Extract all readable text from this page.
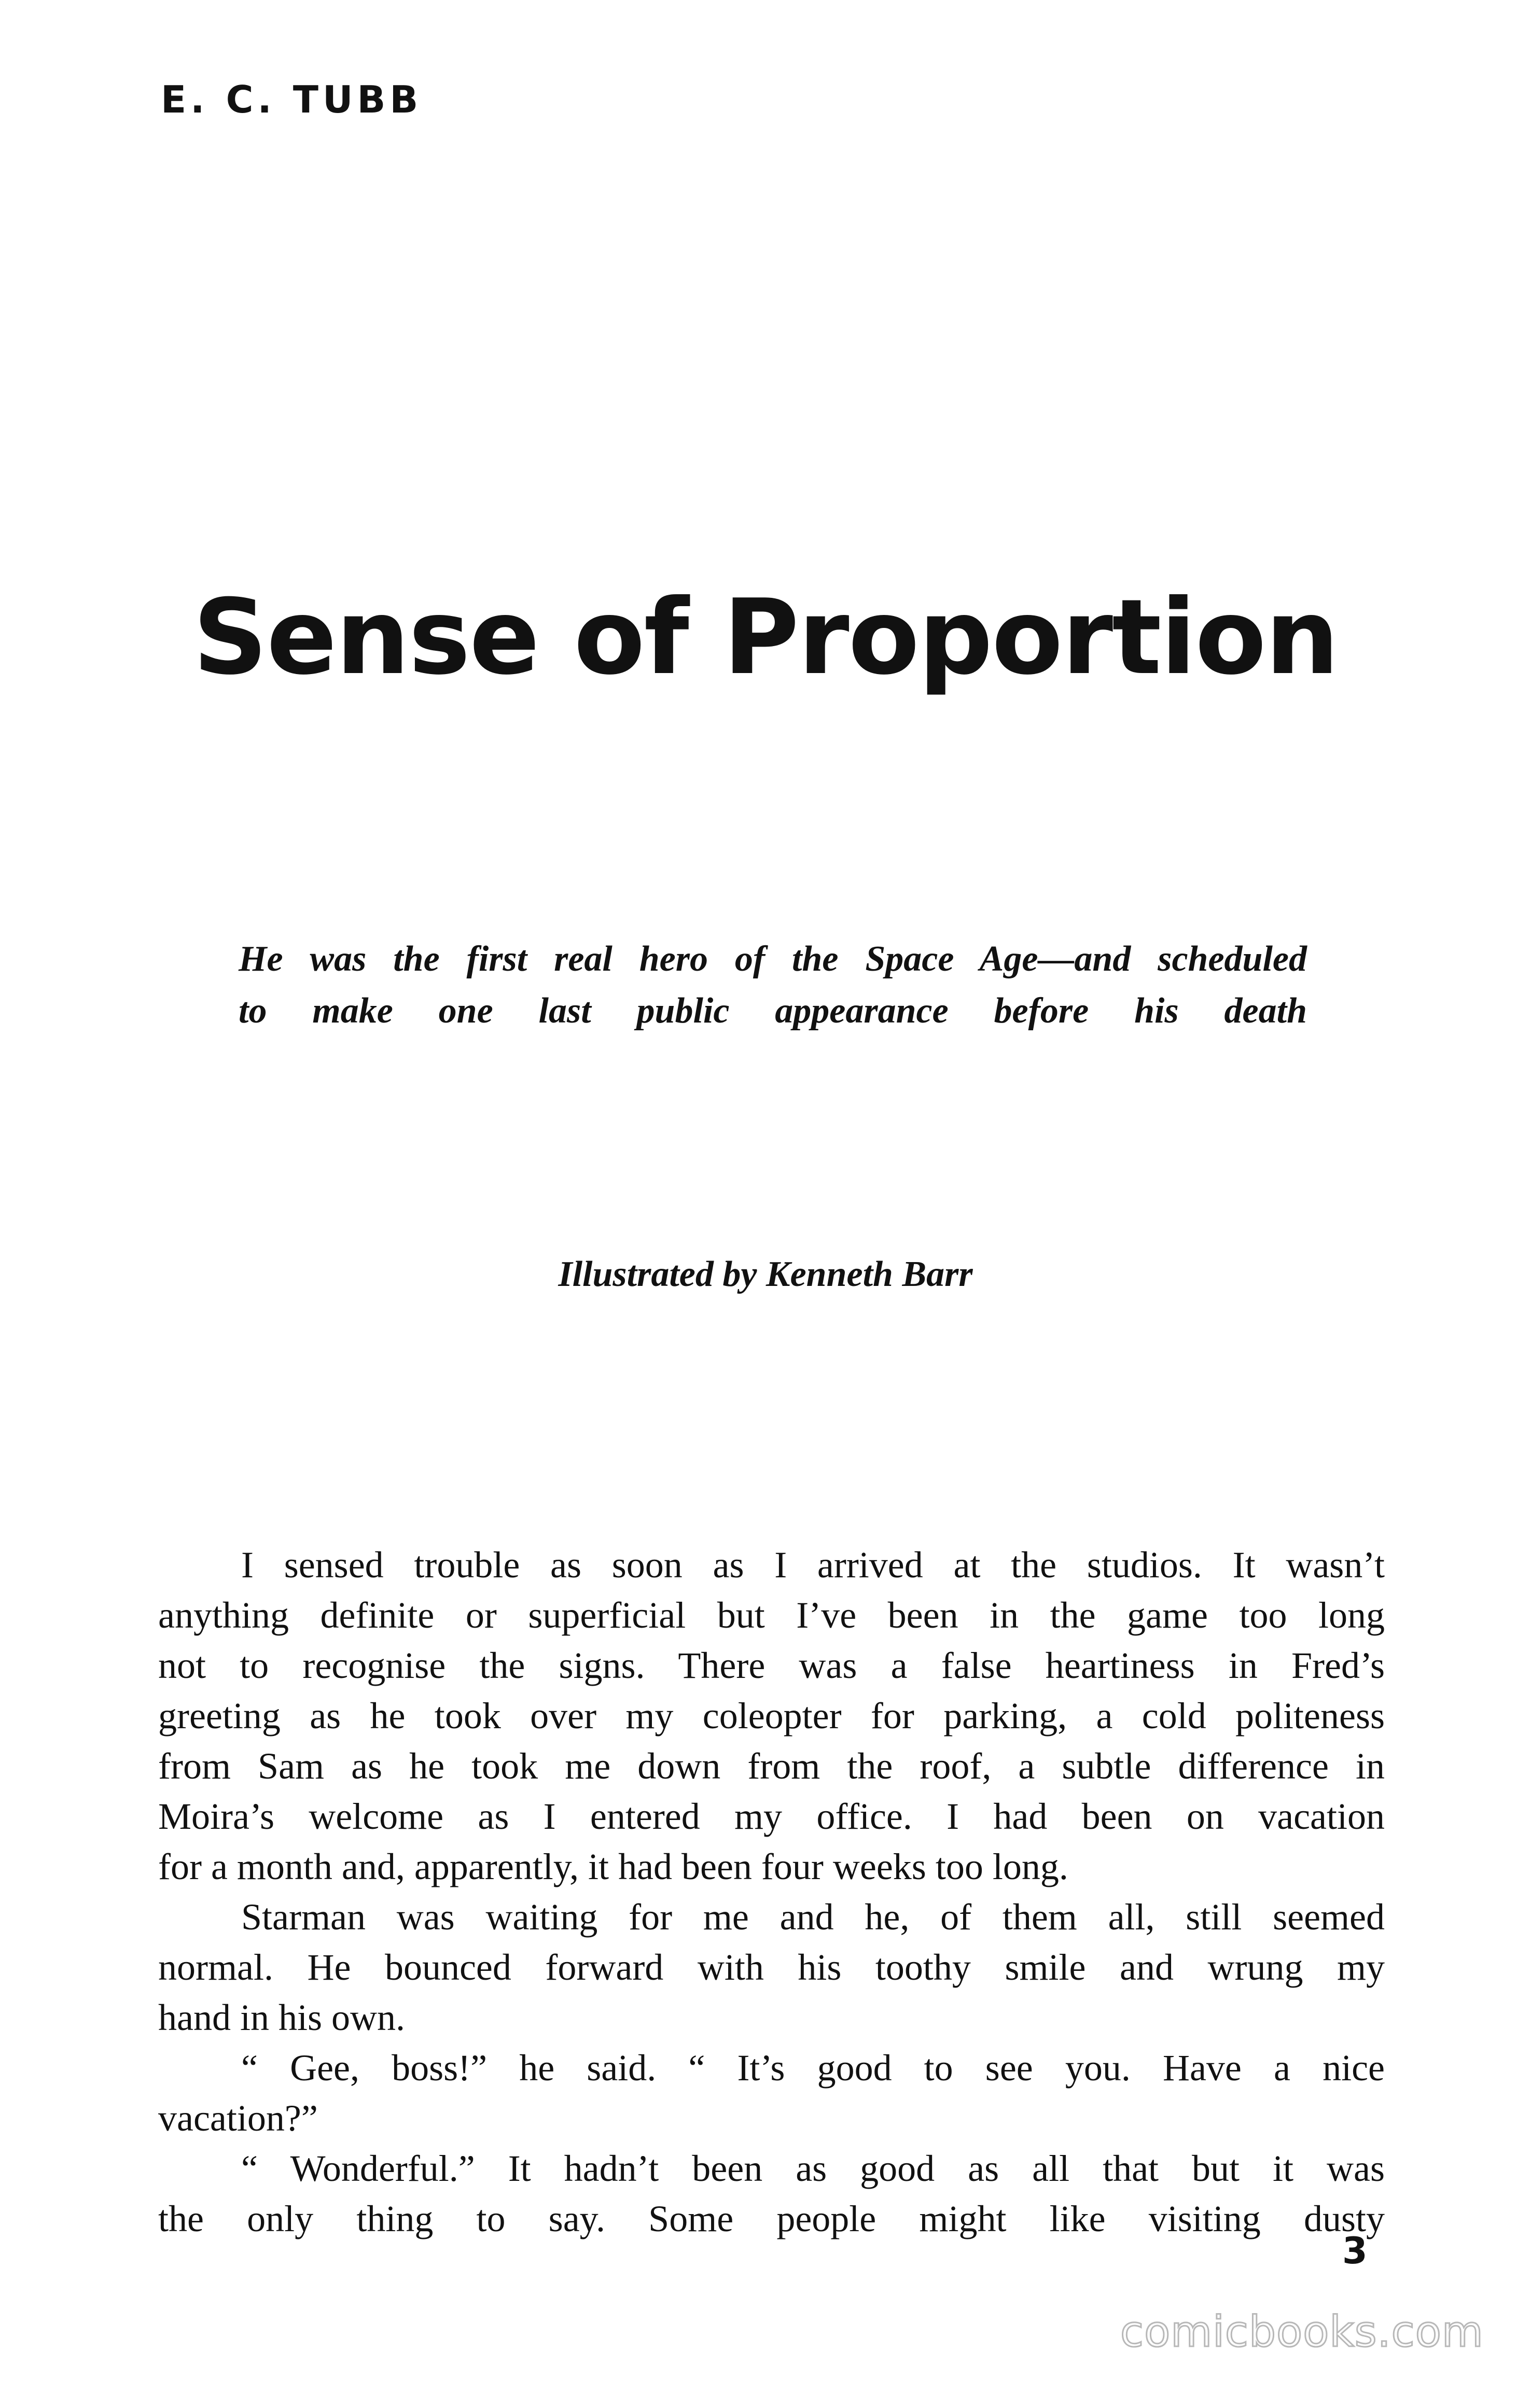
E. C. TUBB
Sense of Proportion
He was the first real hero of the Space Age—and scheduled
to make one last public appearance before his death
Illustrated by Kenneth Barr
I sensed trouble as soon as I arrived at the studios. It wasn’t
anything definite or superficial but I’ve been in the game too long
not to recognise the signs. There was a false heartiness in Fred’s
greeting as he took over my coleopter for parking, a cold politeness
from Sam as he took me down from the roof, a subtle difference in
Moira’s welcome as I entered my office. I had been on vacation
for a month and, apparently, it had been four weeks too long.
Starman was waiting for me and he, of them all, still seemed
normal. He bounced forward with his toothy smile and wrung my
hand in his own.
“ Gee, boss!” he said. “ It’s good to see you. Have a nice
vacation?”
“ Wonderful.” It hadn’t been as good as all that but it was
the only thing to say. Some people might like visiting dusty
3
comicbooks.com
